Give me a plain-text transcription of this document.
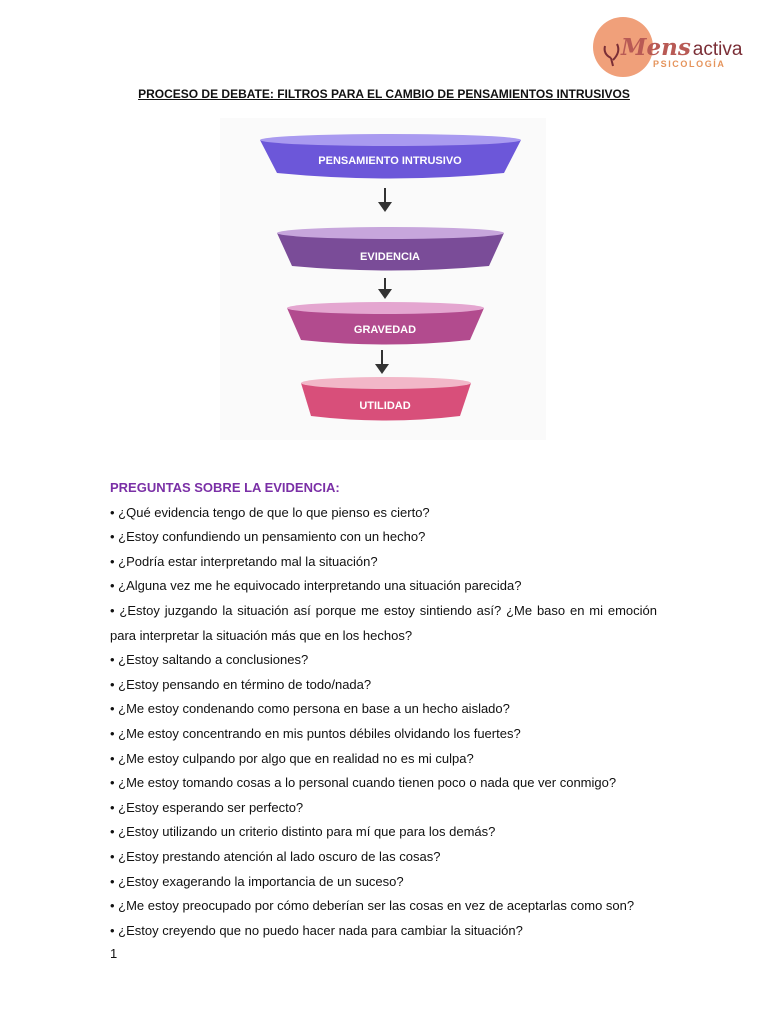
Mens activa
PSICOLOGÍA
PROCESO DE DEBATE: FILTROS PARA EL CAMBIO DE PENSAMIENTOS INTRUSIVOS
PENSAMIENTO INTRUSIVO
EVIDENCIA
GRAVEDAD
UTILIDAD

PREGUNTAS SOBRE LA EVIDENCIA:

• ¿Qué evidencia tengo de que lo que pienso es cierto?

• ¿Estoy confundiendo un pensamiento con un hecho?

• ¿Podría estar interpretando mal la situación?

• ¿Alguna vez me he equivocado interpretando una situación parecida?

• ¿Estoy juzgando la situación así porque me estoy sintiendo así? ¿Me baso en mi emoción

para interpretar la situación más que en los hechos?

• ¿Estoy saltando a conclusiones?

• ¿Estoy pensando en término de todo/nada?

• ¿Me estoy condenando como persona en base a un hecho aislado?

• ¿Me estoy concentrando en mis puntos débiles olvidando los fuertes?

• ¿Me estoy culpando por algo que en realidad no es mi culpa?

• ¿Me estoy tomando cosas a lo personal cuando tienen poco o nada que ver conmigo?

• ¿Estoy esperando ser perfecto?

• ¿Estoy utilizando un criterio distinto para mí que para los demás?

• ¿Estoy prestando atención al lado oscuro de las cosas?

• ¿Estoy exagerando la importancia de un suceso?

• ¿Me estoy preocupado por cómo deberían ser las cosas en vez de aceptarlas como son?

• ¿Estoy creyendo que no puedo hacer nada para cambiar la situación?

1
